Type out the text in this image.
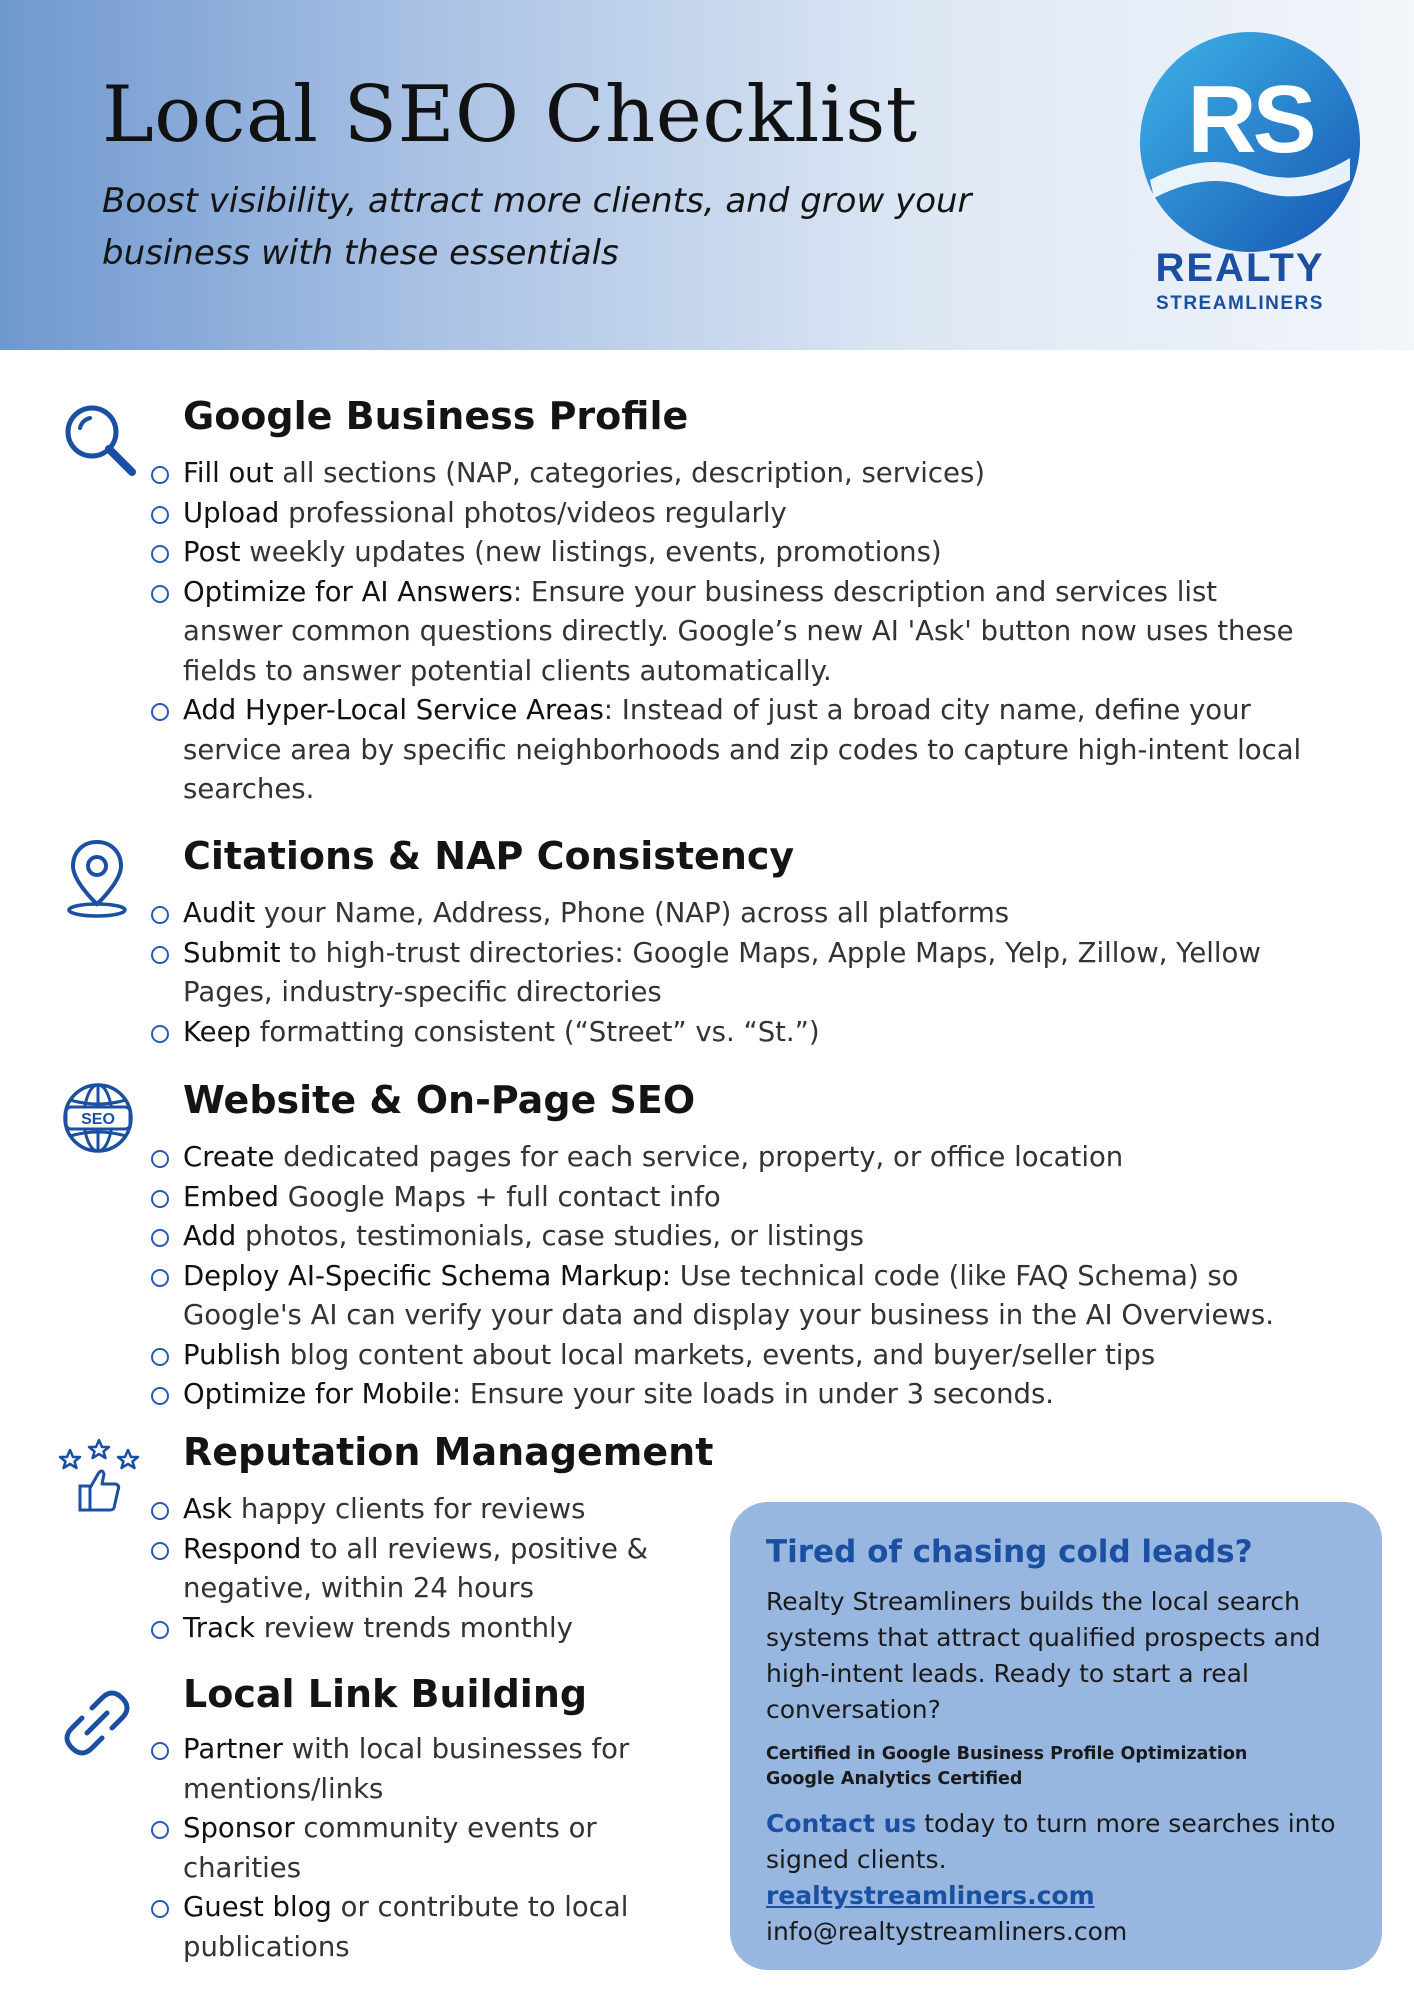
Local SEO Checklist

Boost visibility, attract more clients, and grow your business with these essentials

RS
REALTY
STREAMLINERS
Google Business Profile
Fill out all sections (NAP, categories, description, services)
Upload professional photos/videos regularly
Post weekly updates (new listings, events, promotions)
Optimize for AI Answers: Ensure your business description and services list answer common questions directly. Google’s new AI 'Ask' button now uses these fields to answer potential clients automatically.
Add Hyper-Local Service Areas: Instead of just a broad city name, define your service area by specific neighborhoods and zip codes to capture high-intent local searches.
Citations & NAP Consistency
Audit your Name, Address, Phone (NAP) across all platforms
Submit to high-trust directories: Google Maps, Apple Maps, Yelp, Zillow, Yellow Pages, industry-specific directories
Keep formatting consistent (“Street” vs. “St.”)
SEO Website & On-Page SEO
Create dedicated pages for each service, property, or office location
Embed Google Maps + full contact info
Add photos, testimonials, case studies, or listings
Deploy AI-Specific Schema Markup: Use technical code (like FAQ Schema) so Google's AI can verify your data and display your business in the AI Overviews.
Publish blog content about local markets, events, and buyer/seller tips
Optimize for Mobile: Ensure your site loads in under 3 seconds.
Reputation Management
Ask happy clients for reviews
Respond to all reviews, positive & negative, within 24 hours
Track review trends monthly
Local Link Building
Partner with local businesses for mentions/links
Sponsor community events or charities
Guest blog or contribute to local publications
Tired of chasing cold leads?

Realty Streamliners builds the local search systems that attract qualified prospects and high-intent leads. Ready to start a real conversation?

Certified in Google Business Profile Optimization
Google Analytics Certified

Contact us today to turn more searches into signed clients.

realtystreamliners.com
info@realtystreamliners.com
